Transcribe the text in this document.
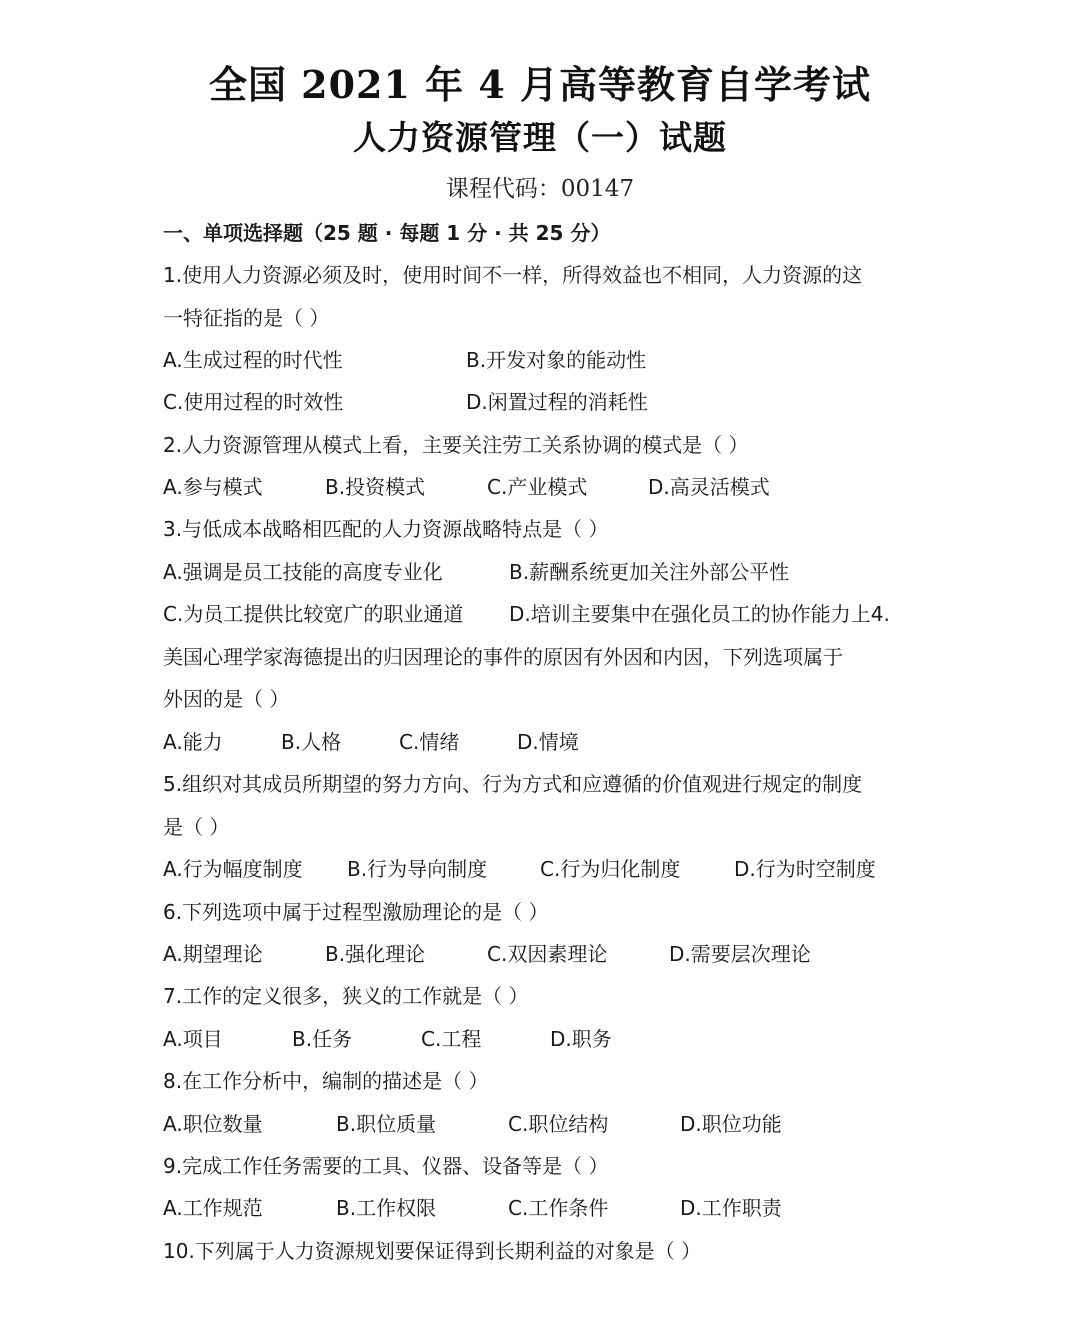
全国 2021 年 4 月高等教育自学考试
人力资源管理（一）试题
课程代码：00147
一、单项选择题（25 题 · 每题 1 分 · 共 25 分）
1.使用人力资源必须及时，使用时间不一样，所得效益也不相同，人力资源的这
一特征指的是（ ）
A.生成过程的时代性	B.开发对象的能动性
C.使用过程的时效性	D.闲置过程的消耗性
2.人力资源管理从模式上看，主要关注劳工关系协调的模式是（ ）
A.参与模式	B.投资模式	C.产业模式	D.高灵活模式
3.与低成本战略相匹配的人力资源战略特点是（ ）
A.强调是员工技能的高度专业化	B.薪酬系统更加关注外部公平性
C.为员工提供比较宽广的职业通道 D.培训主要集中在强化员工的协作能力上4.
美国心理学家海德提出的归因理论的事件的原因有外因和内因，下列选项属于
外因的是（ ）
A.能力	B.人格	C.情绪	D.情境
5.组织对其成员所期望的努力方向、行为方式和应遵循的价值观进行规定的制度
是（ ）
A.行为幅度制度 B.行为导向制度	C.行为归化制度	D.行为时空制度
6.下列选项中属于过程型激励理论的是（ ）
A.期望理论	B.强化理论	C.双因素理论	D.需要层次理论
7.工作的定义很多，狭义的工作就是（ ）
A.项目	B.任务	C.工程	D.职务
8.在工作分析中，编制的描述是（ ）
A.职位数量	B.职位质量	C.职位结构	D.职位功能
9.完成工作任务需要的工具、仪器、设备等是（ ）
A.工作规范	B.工作权限	C.工作条件	D.工作职责
10.下列属于人力资源规划要保证得到长期利益的对象是（ ）
